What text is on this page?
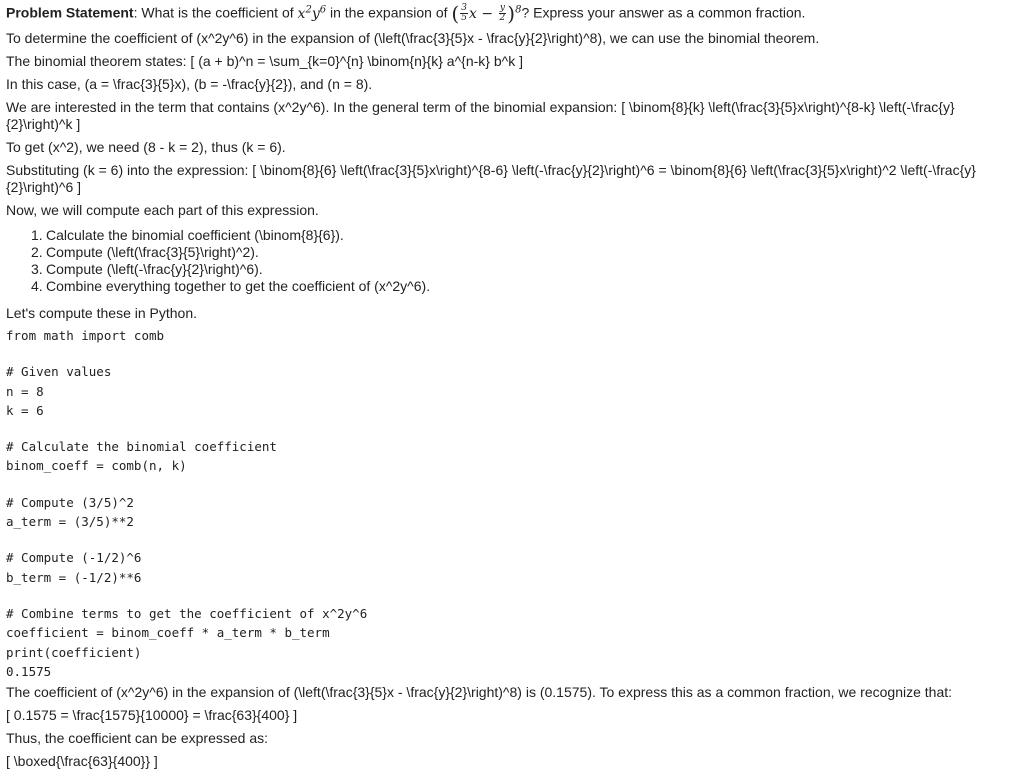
Problem Statement: What is the coefficient of $x^2y^6$ in the expansion of ( $\frac{3}{5}$ $x - \frac{y}{2} )^8$? Express your answer as a common fraction.

To determine the coefficient of (x^2y^6) in the expansion of (\left(\frac{3}{5}x - \frac{y}{2}\right)^8), we can use the binomial theorem.

The binomial theorem states: [ (a + b)^n = \sum_{k=0}^{n} \binom{n}{k} a^{n-k} b^k ]

In this case, (a = \frac{3}{5}x), (b = -\frac{y}{2}), and (n = 8).

We are interested in the term that contains (x^2y^6). In the general term of the binomial expansion: [ \binom{8}{k} \left(\frac{3}{5}x\right)^{8-k} \left(-\frac{y}{2}\right)^k ]

To get (x^2), we need (8 - k = 2), thus (k = 6).

Substituting (k = 6) into the expression: [ \binom{8}{6} \left(\frac{3}{5}x\right)^{8-6} \left(-\frac{y}{2}\right)^6 = \binom{8}{6} \left(\frac{3}{5}x\right)^2 \left(-\frac{y}{2}\right)^6 ]

Now, we will compute each part of this expression.

1. Calculate the binomial coefficient (\binom{8}{6}).
2. Compute (\left(\frac{3}{5}\right)^2).
3. Compute (\left(-\frac{y}{2}\right)^6).
4. Combine everything together to get the coefficient of (x^2y^6).

Let's compute these in Python.

from math import comb
# Given values
n = 8
k = 6
# Calculate the binomial coefficient
binom_coeff = comb(n, k)
# Compute (3/5)^2
a_term = (3/5)**2
# Compute (-1/2)^6
b_term = (-1/2)**6
# Combine terms to get the coefficient of x^2y^6
coefficient = binom_coeff * a_term * b_term
print(coefficient)
0.1575

The coefficient of (x^2y^6) in the expansion of (\left(\frac{3}{5}x - \frac{y}{2}\right)^8) is (0.1575). To express this as a common fraction, we recognize that:

[ 0.1575 = \frac{1575}{10000} = \frac{63}{400} ]

Thus, the coefficient can be expressed as:

[ \boxed{\frac{63}{400}} ]
